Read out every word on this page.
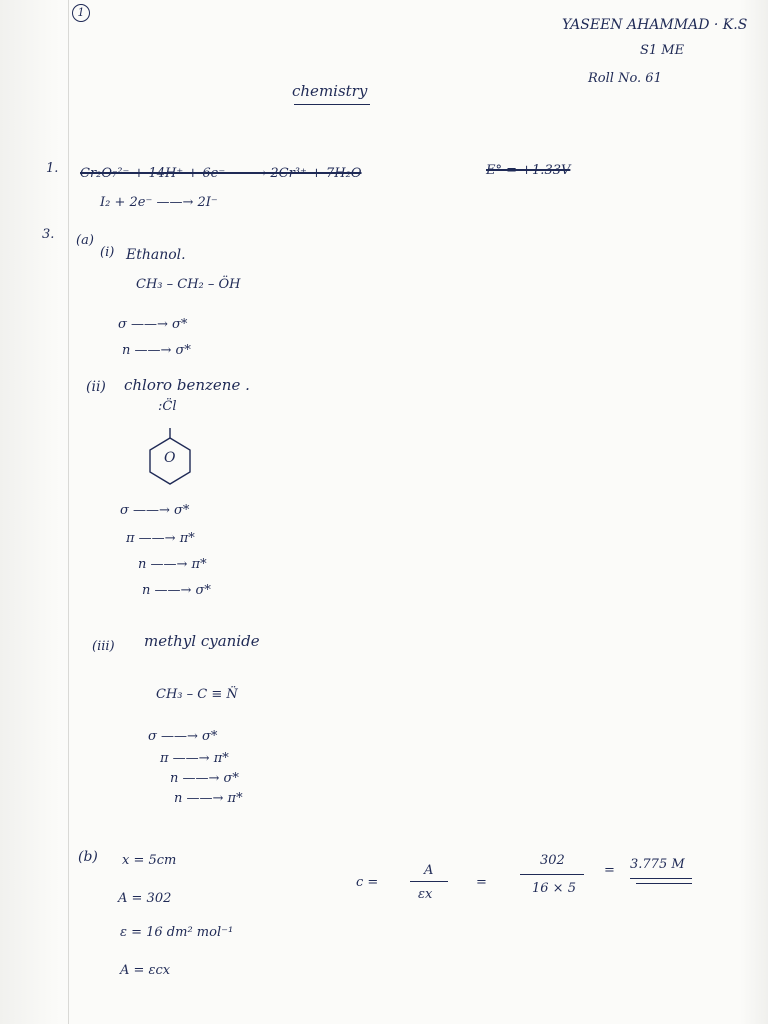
1
YASEEN AHAMMAD · K.S
S1 ME
Roll No. 61
chemistry
1. Cr₂O₇²⁻ + 14H⁺ + 6e⁻ ——→ 2Cr³⁺ + 7H₂O	E° = +1.33V
I₂ + 2e⁻ ——→ 2I⁻
3. (a)
(i) Ethanol.
CH₃ – CH₂ – ÖH
σ ——→ σ*
n ——→ σ*
(ii) chloro benzene .
:C̈l
O
σ ——→ σ*
π ——→ π*
n ——→ π*
n ——→ σ*
(iii) methyl cyanide
CH₃ – C ≡ N̈
σ ——→ σ*
π ——→ π*
n ——→ σ*
n ——→ π*
(b) x = 5cm
A = 302
ε = 16 dm² mol⁻¹
A = εcx
c =
A
εx
=
302
16 × 5
= 3.775 M
